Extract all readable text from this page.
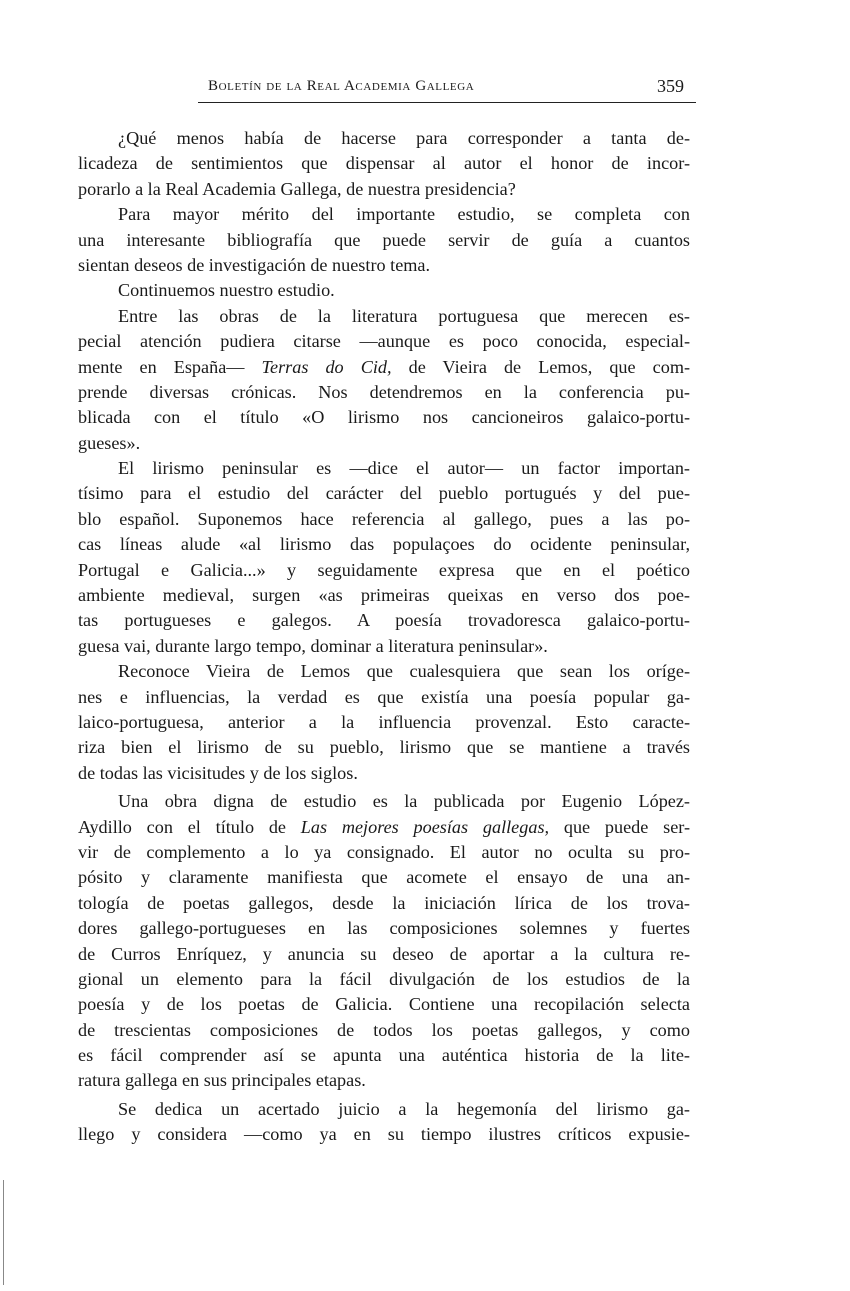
Boletín de la Real Academia Gallega	359
¿Qué menos había de hacerse para corresponder a tanta de-
licadeza de sentimientos que dispensar al autor el honor de incor-
porarlo a la Real Academia Gallega, de nuestra presidencia?
Para mayor mérito del importante estudio, se completa con
una interesante bibliografía que puede servir de guía a cuantos
sientan deseos de investigación de nuestro tema.
Continuemos nuestro estudio.
Entre las obras de la literatura portuguesa que merecen es-
pecial atención pudiera citarse —aunque es poco conocida, especial-
mente en España— Terras do Cid, de Vieira de Lemos, que com-
prende diversas crónicas. Nos detendremos en la conferencia pu-
blicada con el título «O lirismo nos cancioneiros galaico-portu-
gueses».
El lirismo peninsular es —dice el autor— un factor importan-
tísimo para el estudio del carácter del pueblo portugués y del pue-
blo español. Suponemos hace referencia al gallego, pues a las po-
cas líneas alude «al lirismo das populaçoes do ocidente peninsular,
Portugal e Galicia...» y seguidamente expresa que en el poético
ambiente medieval, surgen «as primeiras queixas en verso dos poe-
tas portugueses e galegos. A poesía trovadoresca galaico-portu-
guesa vai, durante largo tempo, dominar a literatura peninsular».
Reconoce Vieira de Lemos que cualesquiera que sean los oríge-
nes e influencias, la verdad es que existía una poesía popular ga-
laico-portuguesa, anterior a la influencia provenzal. Esto caracte-
riza bien el lirismo de su pueblo, lirismo que se mantiene a través
de todas las vicisitudes y de los siglos.
Una obra digna de estudio es la publicada por Eugenio López-
Aydillo con el título de Las mejores poesías gallegas, que puede ser-
vir de complemento a lo ya consignado. El autor no oculta su pro-
pósito y claramente manifiesta que acomete el ensayo de una an-
tología de poetas gallegos, desde la iniciación lírica de los trova-
dores gallego-portugueses en las composiciones solemnes y fuertes
de Curros Enríquez, y anuncia su deseo de aportar a la cultura re-
gional un elemento para la fácil divulgación de los estudios de la
poesía y de los poetas de Galicia. Contiene una recopilación selecta
de trescientas composiciones de todos los poetas gallegos, y como
es fácil comprender así se apunta una auténtica historia de la lite-
ratura gallega en sus principales etapas.
Se dedica un acertado juicio a la hegemonía del lirismo ga-
llego y considera —como ya en su tiempo ilustres críticos expusie-
